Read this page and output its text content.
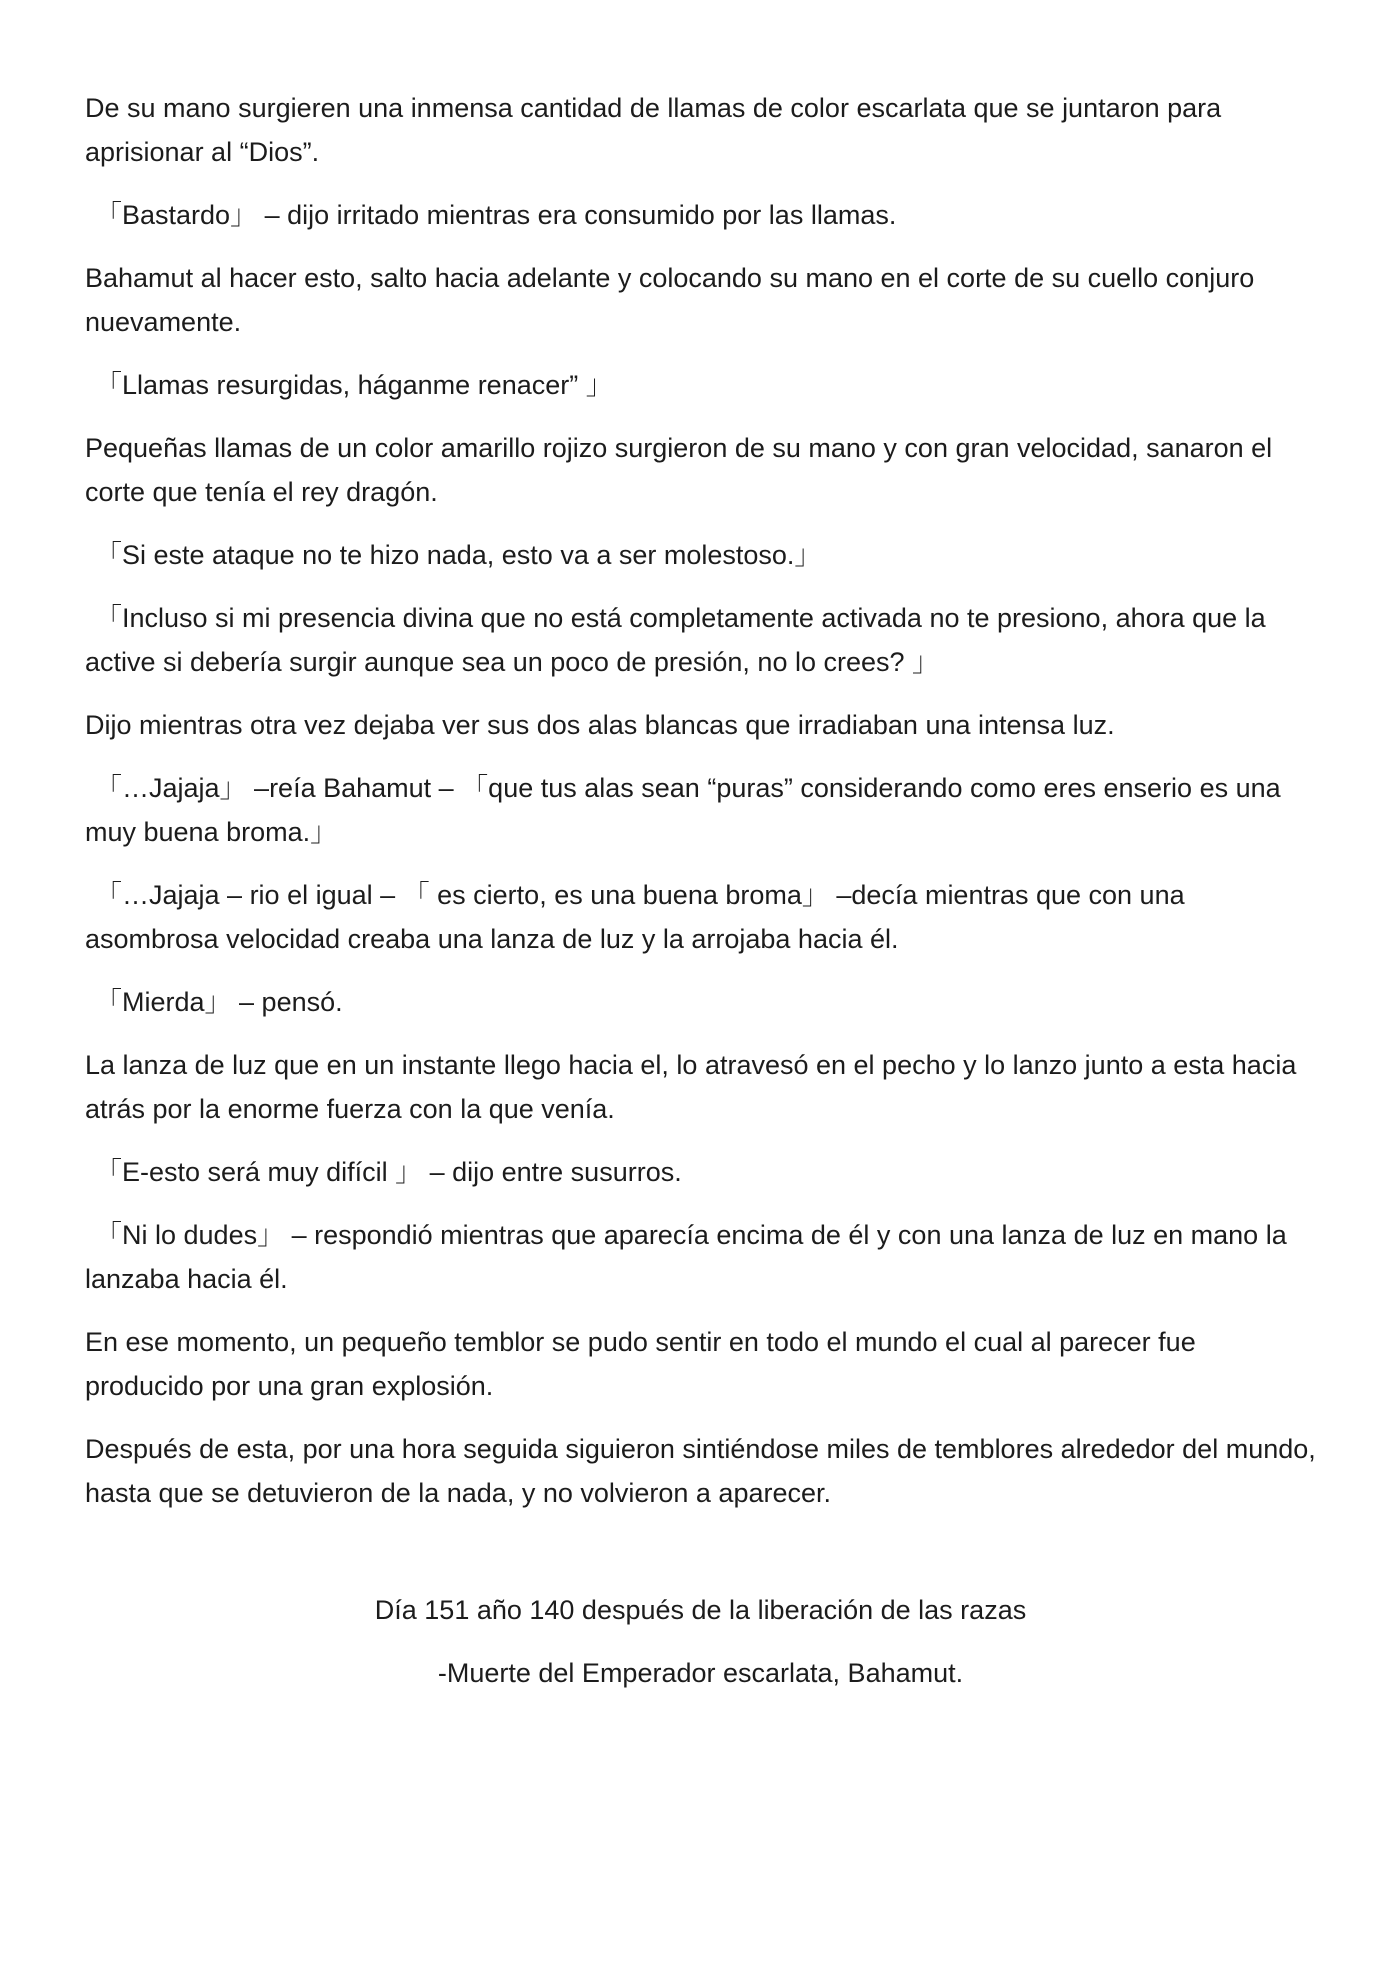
De su mano surgieren una inmensa cantidad de llamas de color escarlata que se juntaron para aprisionar al “Dios”.

「Bastardo」 – dijo irritado mientras era consumido por las llamas.

Bahamut al hacer esto, salto hacia adelante y colocando su mano en el corte de su cuello conjuro nuevamente.

「Llamas resurgidas, háganme renacer” 」

Pequeñas llamas de un color amarillo rojizo surgieron de su mano y con gran velocidad, sanaron el corte que tenía el rey dragón.

「Si este ataque no te hizo nada, esto va a ser molestoso.」

「Incluso si mi presencia divina que no está completamente activada no te presiono, ahora que la active si debería surgir aunque sea un poco de presión, no lo crees? 」

Dijo mientras otra vez dejaba ver sus dos alas blancas que irradiaban una intensa luz.

「…Jajaja」 –reía Bahamut – 「que tus alas sean “puras” considerando como eres enserio es una muy buena broma.」

「…Jajaja – rio el igual – 「 es cierto, es una buena broma」 –decía mientras que con una asombrosa velocidad creaba una lanza de luz y la arrojaba hacia él.

「Mierda」 – pensó.

La lanza de luz que en un instante llego hacia el, lo atravesó en el pecho y lo lanzo junto a esta hacia atrás por la enorme fuerza con la que venía.

「E-esto será muy difícil 」 – dijo entre susurros.

「Ni lo dudes」 – respondió mientras que aparecía encima de él y con una lanza de luz en mano la lanzaba hacia él.

En ese momento, un pequeño temblor se pudo sentir en todo el mundo el cual al parecer fue producido por una gran explosión.

Después de esta, por una hora seguida siguieron sintiéndose miles de temblores alrededor del mundo, hasta que se detuvieron de la nada, y no volvieron a aparecer.

Día 151 año 140 después de la liberación de las razas

-Muerte del Emperador escarlata, Bahamut.
